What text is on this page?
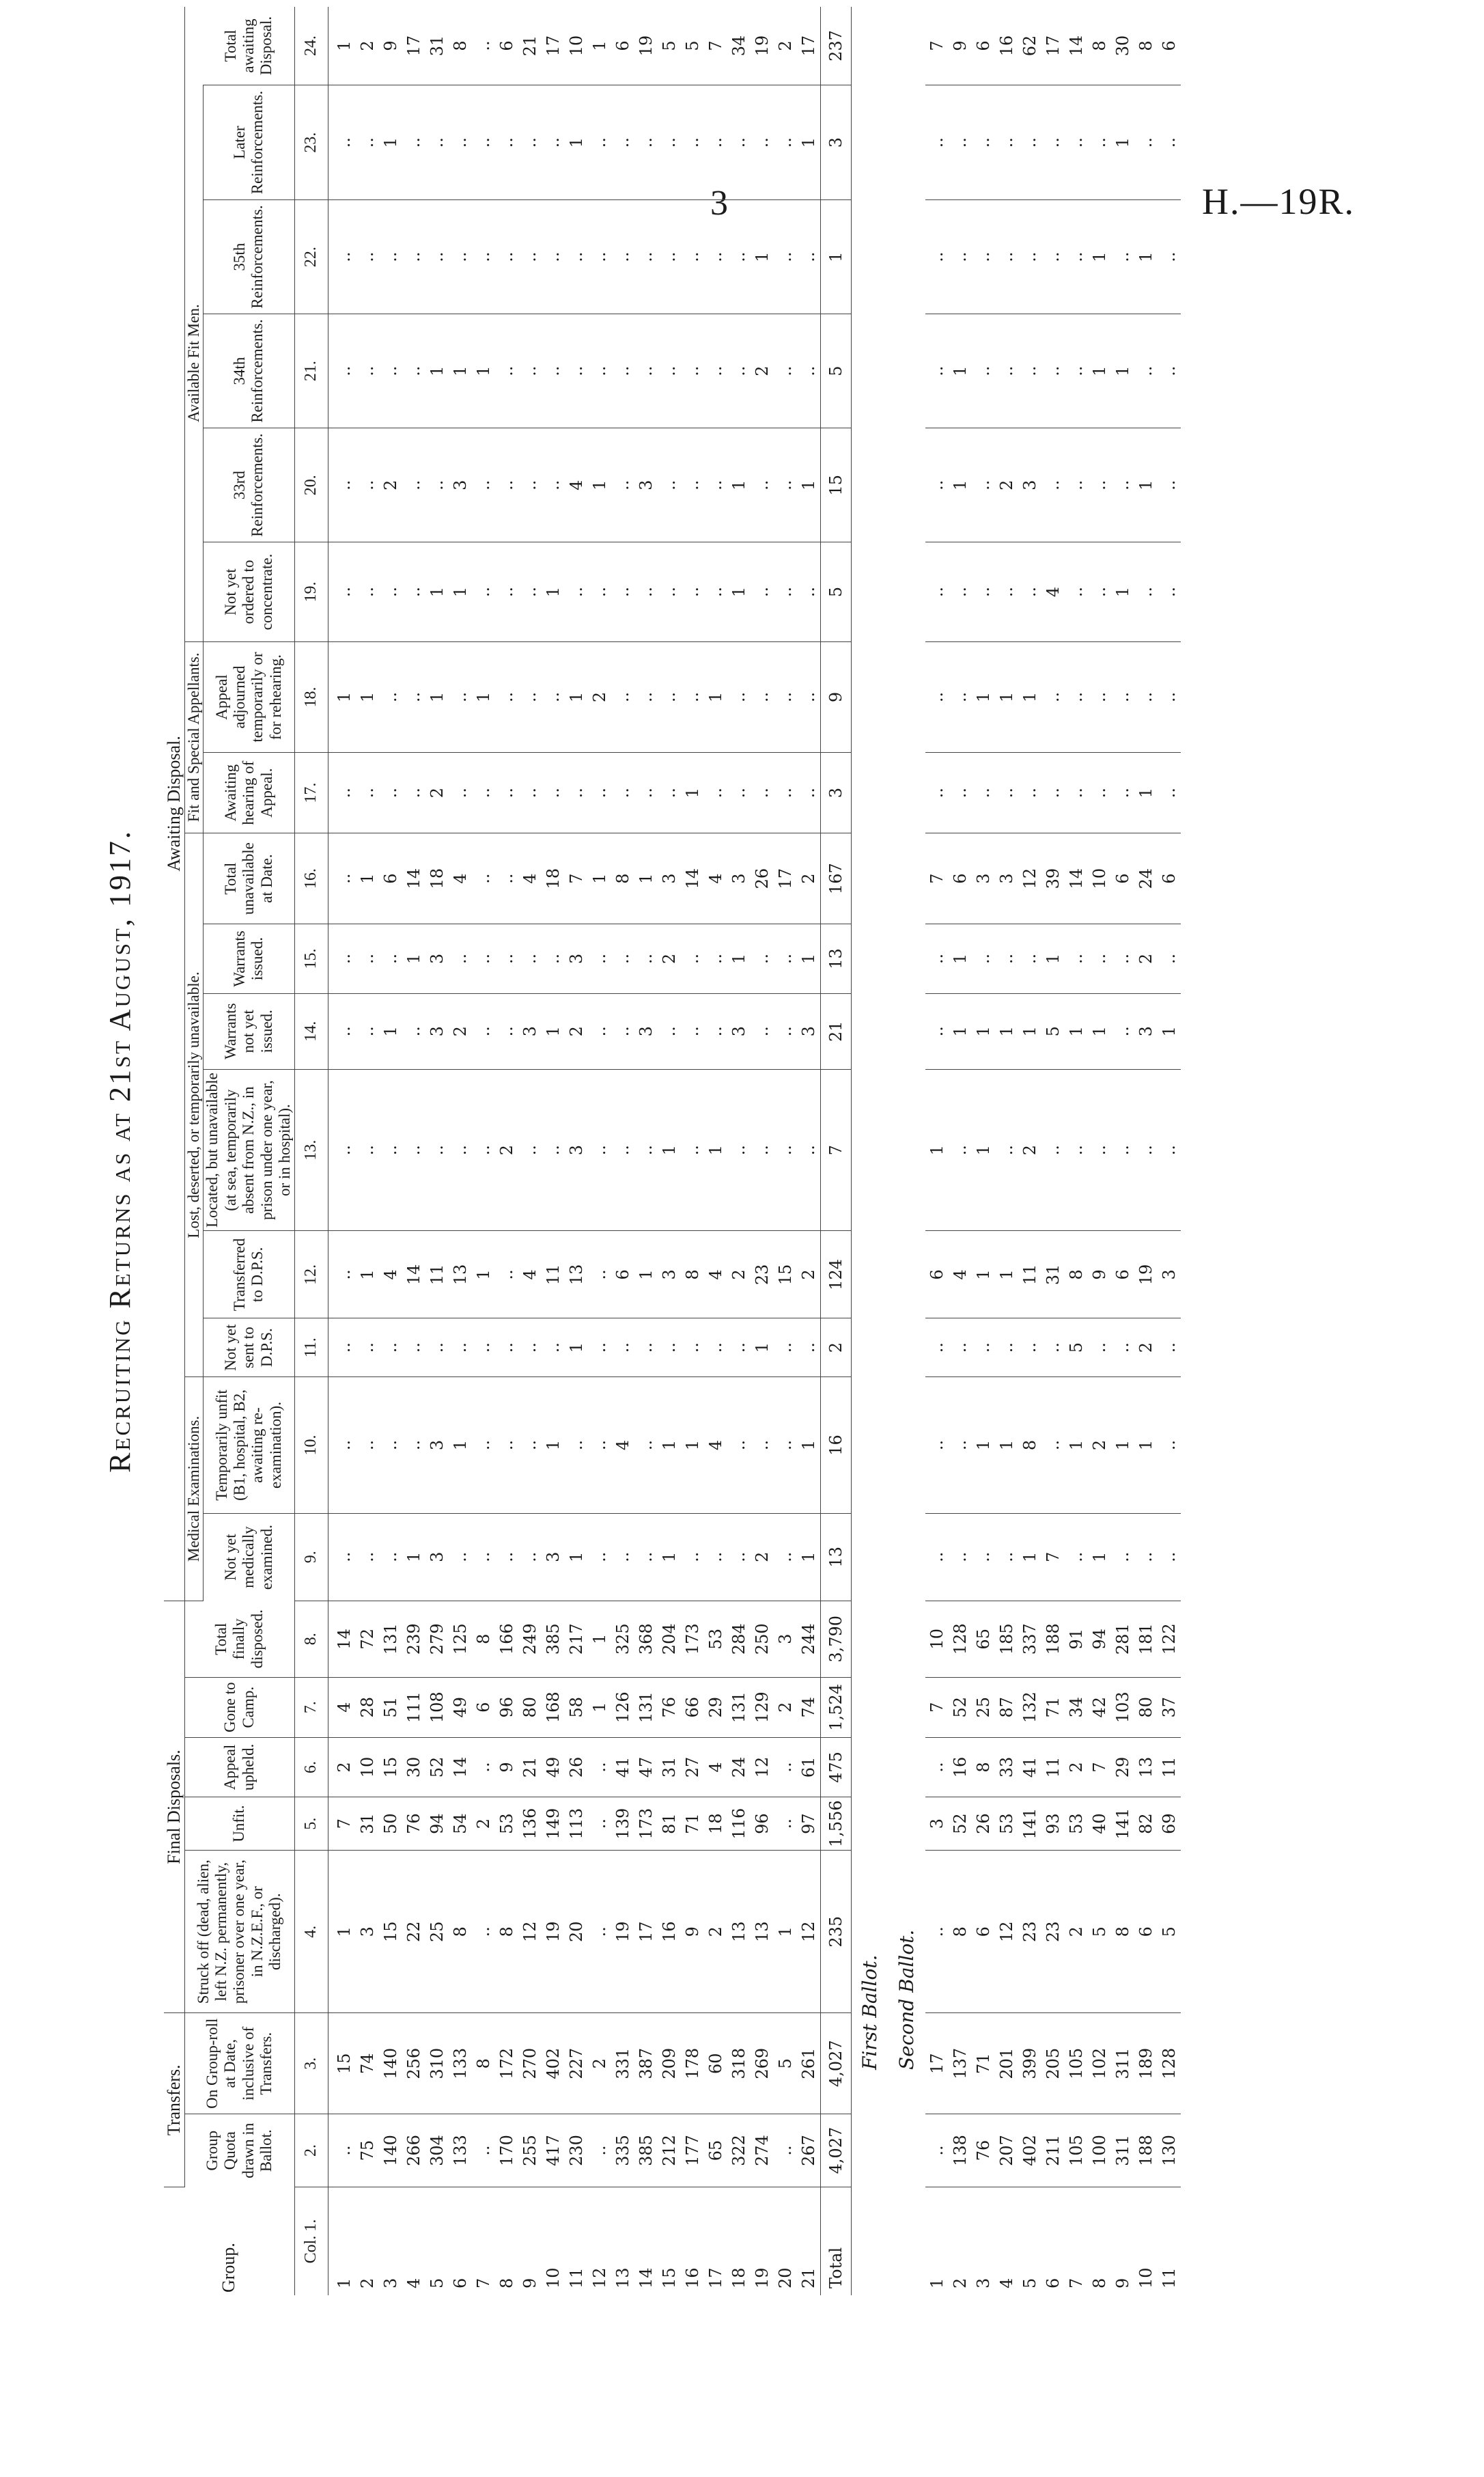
3	H.—19R.
Recruiting Returns as at 21st August, 1917.
Group.	Transfers.		Final Disposals.					Awaiting Disposal.															
	Group Quota drawn in Ballot.	On Group-roll at Date, inclusive of Transfers.	Struck off (dead, alien, left N.Z. permanently, prisoner over one year, in N.Z.E.F., or discharged).	Unfit.	Appeal upheld.	Gone to Camp.	Total finally disposed.	Medical Examinations.		Lost, deserted, or temporarily unavailable.						Fit and Special Appellants.		Available Fit Men.					
								Not yet medically examined.	Temporarily unfit (B1, hospital, B2, awaiting re-examination).	Not yet sent to D.P.S.	Transferred to D.P.S.	Located, but unavailable (at sea, temporarily absent from N.Z., in prison under one year, or in hospital).	Warrants not yet issued.	Warrants issued.	Total unavailable at Date.	Awaiting hearing of Appeal.	Appeal adjourned temporarily or for rehearing.	Not yet ordered to concentrate.	33rd Reinforcements.	34th Reinforcements.	35th Reinforcements.	Later Reinforcements.	Total awaiting Disposal.
Col. 1.	2.	3.	4.	5.	6.	7.	8.	9.	10.	11.	12.	13.	14.	15.	16.	17.	18.	19.	20.	21.	22.	23.	24.
1	..	15	1	7	2	4	14	..	..	..	..	..	..	..	..	..	1	..	..	..	..	..	1
2	75	74	3	31	10	28	72	..	..	..	1	..	..	..	1	..	1	..	..	..	..	..	2
3	140	140	15	50	15	51	131	..	..	..	4	..	1	..	6	..	..	..	2	..	..	1	9
4	266	256	22	76	30	111	239	1	..	..	14	..	..	1	14	..	..	..	..	..	..	..	17
5	304	310	25	94	52	108	279	3	3	..	11	..	3	3	18	2	1	1	..	1	..	..	31
6	133	133	8	54	14	49	125	..	1	..	13	..	2	..	4	..	..	1	3	1	..	..	8
7	..	8	..	2	..	6	8	..	..	..	1	..	..	..	..	..	1	..	..	1	..	..	..
8	170	172	8	53	9	96	166	..	..	..	..	2	..	..	..	..	..	..	..	..	..	..	6
9	255	270	12	136	21	80	249	..	..	..	4	..	3	..	4	..	..	..	..	..	..	..	21
10	417	402	19	149	49	168	385	3	1	..	11	..	1	..	18	..	..	1	..	..	..	..	17
11	230	227	20	113	26	58	217	1	..	1	13	3	2	3	7	..	1	..	4	..	..	1	10
12	..	2	..	..	..	1	1	..	..	..	..	..	..	..	1	..	2	..	1	..	..	..	1
13	335	331	19	139	41	126	325	..	4	..	6	..	..	..	8	..	..	..	..	..	..	..	6
14	385	387	17	173	47	131	368	..	..	..	1	..	3	..	1	..	..	..	3	..	..	..	19
15	212	209	16	81	31	76	204	1	1	..	3	1	..	2	3	..	..	..	..	..	..	..	5
16	177	178	9	71	27	66	173	..	1	..	8	..	..	..	14	1	..	..	..	..	..	..	5
17	65	60	2	18	4	29	53	..	4	..	4	1	..	..	4	..	1	..	..	..	..	..	7
18	322	318	13	116	24	131	284	..	..	..	2	..	3	1	3	..	..	1	1	..	..	..	34
19	274	269	13	96	12	129	250	2	..	1	23	..	..	..	26	..	..	..	..	2	1	..	19
20	..	5	1	..	..	2	3	..	..	..	15	..	..	..	17	..	..	..	..	..	..	..	2
21	267	261	12	97	61	74	244	1	1	..	2	..	3	1	2	..	..	..	1	..	..	1	17
Total	4,027	4,027	235	1,556	475	1,524	3,790	13	16	2	124	7	21	13	167	3	9	5	15	5	1	3	237
First Ballot.																							
Second Ballot.																							
1	..	17	..	3	..	7	10	..	..	..	6	1	..	..	7	..	..	..	..	..	..	..	7
2	138	137	8	52	16	52	128	..	..	..	4	..	1	1	6	..	..	..	1	1	..	..	9
3	76	71	6	26	8	25	65	..	1	..	1	1	1	..	3	..	1	..	..	..	..	..	6
4	207	201	12	53	33	87	185	..	1	..	1	..	1	..	3	..	1	..	2	..	..	..	16
5	402	399	23	141	41	132	337	1	8	..	11	2	1	..	12	..	1	..	3	..	..	..	62
6	211	205	23	93	11	71	188	7	..	..	31	..	5	1	39	..	..	4	..	..	..	..	17
7	105	105	2	53	2	34	91	..	1	5	8	..	1	..	14	..	..	..	..	..	..	..	14
8	100	102	5	40	7	42	94	1	2	..	9	..	1	..	10	..	..	..	..	1	1	..	8
9	311	311	8	141	29	103	281	..	1	..	6	..	..	..	6	..	..	1	..	1	..	1	30
10	188	189	6	82	13	80	181	..	1	2	19	..	3	2	24	1	..	..	1	..	1	..	8
11	130	128	5	69	11	37	122	..	..	..	3	..	1	..	6	..	..	..	..	..	..	..	6
